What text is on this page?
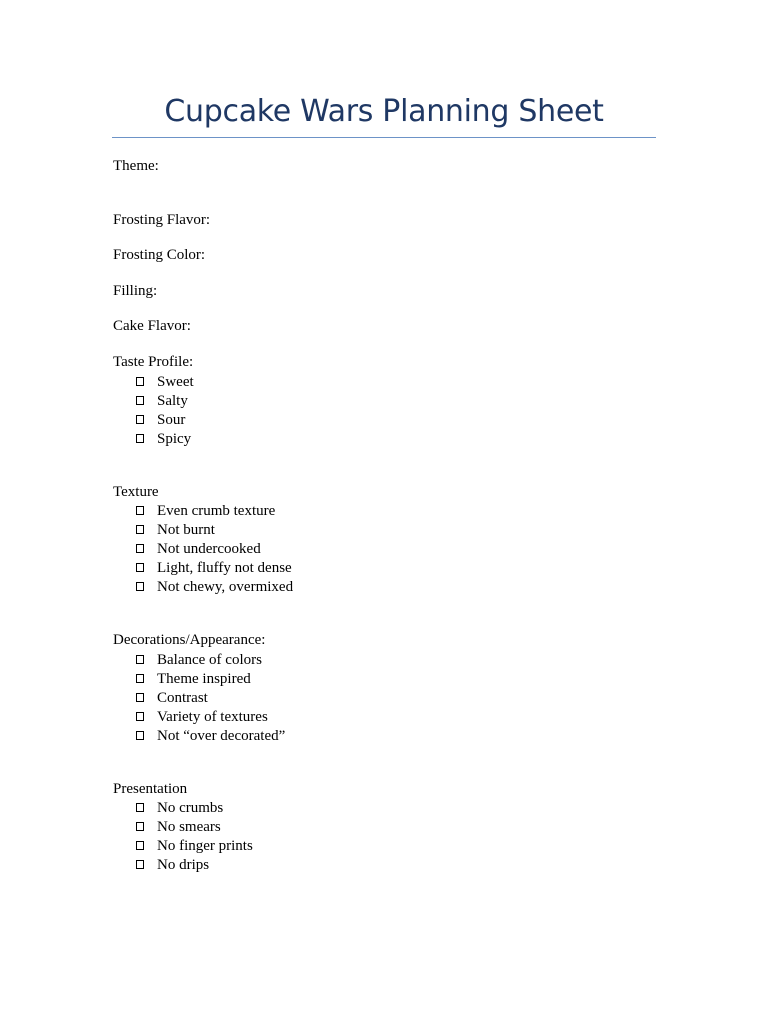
Cupcake Wars Planning Sheet

Theme:

Frosting Flavor:

Frosting Color:

Filling:

Cake Flavor:

Taste Profile:

Sweet
Salty
Sour
Spicy

Texture

Even crumb texture
Not burnt
Not undercooked
Light, fluffy not dense
Not chewy, overmixed

Decorations/Appearance:

Balance of colors
Theme inspired
Contrast
Variety of textures
Not “over decorated”

Presentation

No crumbs
No smears
No finger prints
No drips
